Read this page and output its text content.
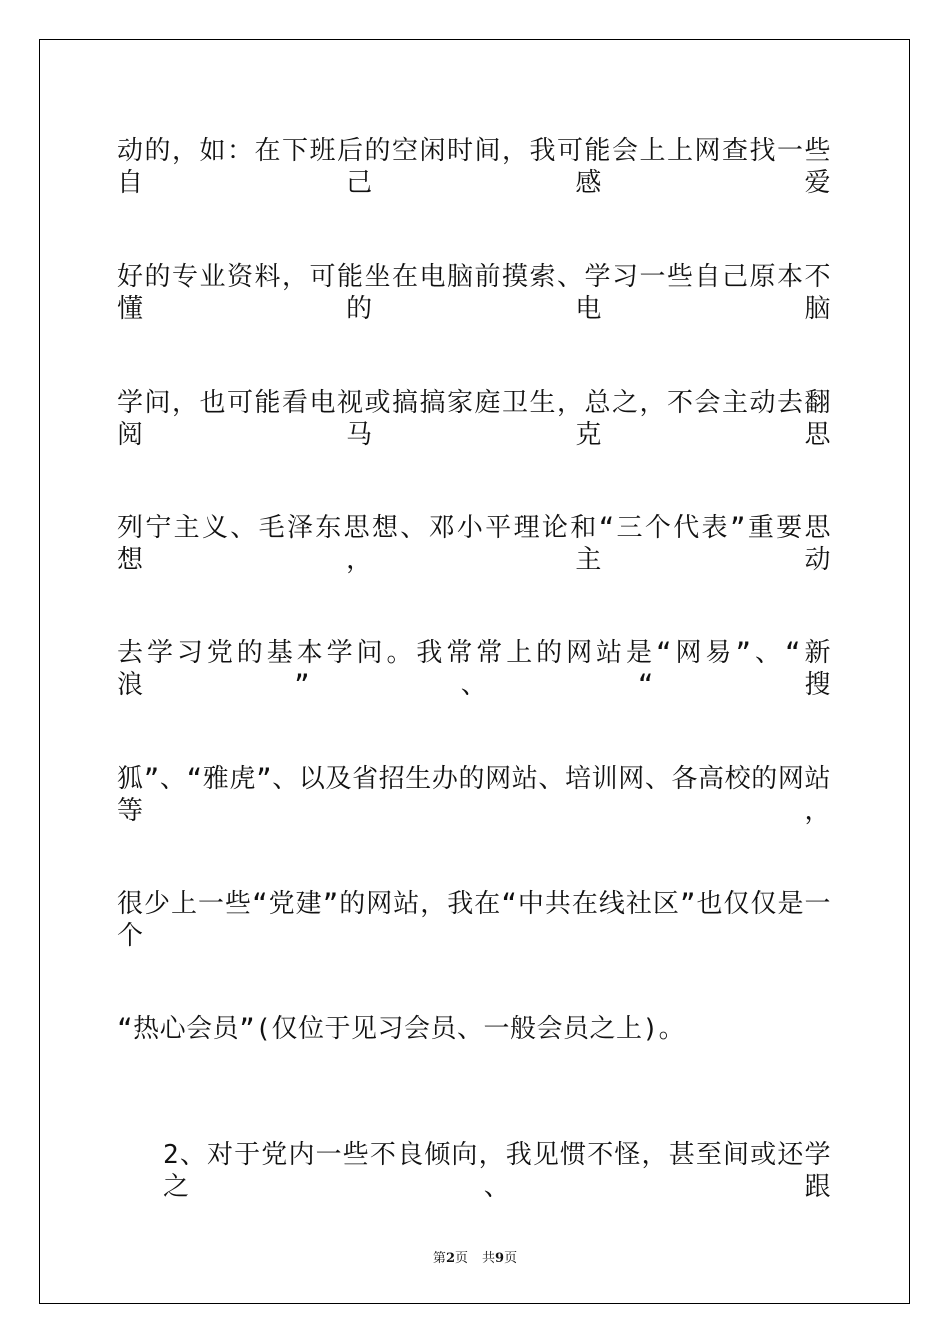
动的，如：在下班后的空闲时间，我可能会上上网查找一些自己感爱
好的专业资料，可能坐在电脑前摸索、学习一些自己原本不懂的电脑
学问，也可能看电视或搞搞家庭卫生，总之，不会主动去翻阅马克思
列宁主义、毛泽东思想、邓小平理论和“三个代表”重要思想，主动
去学习党的基本学问。我常常上的网站是“网易”、“新浪”、“搜
狐”、“雅虎”、以及省招生办的网站、培训网、各高校的网站等，
很少上一些“党建”的网站，我在“中共在线社区”也仅仅是一个
“热心会员”(仅位于见习会员、一般会员之上)。
2、对于党内一些不良倾向，我见惯不怪，甚至间或还学之、跟
第2页 共9页
